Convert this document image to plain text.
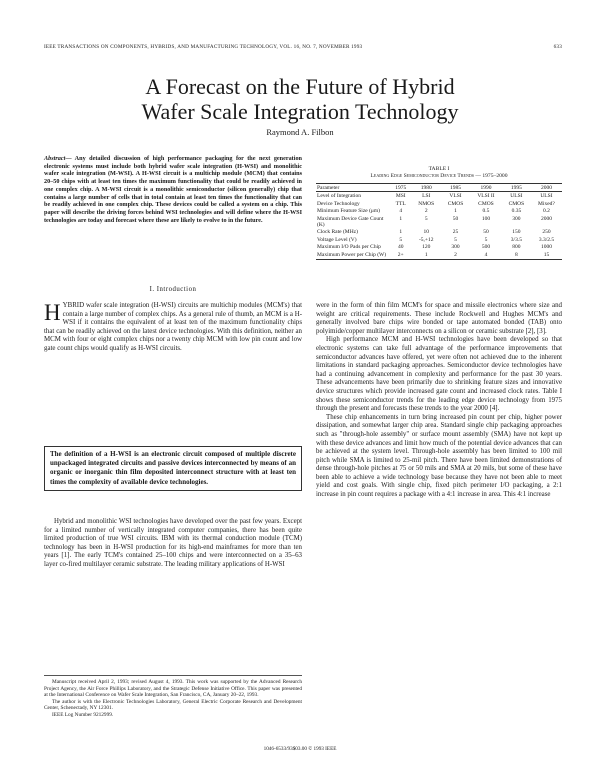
IEEE TRANSACTIONS ON COMPONENTS, HYBRIDS, AND MANUFACTURING TECHNOLOGY, VOL. 16, NO. 7, NOVEMBER 1993	633
A Forecast on the Future of Hybrid
Wafer Scale Integration Technology
Raymond A. Filbon
Abstract— Any detailed discussion of high performance packaging for the next generation electronic systems must include both hybrid wafer scale integration (H-WSI) and monolithic wafer scale integration (M-WSI). A H-WSI circuit is a multichip module (MCM) that contains 20–50 chips with at least ten times the maximum functionality that could be readily achieved in one complex chip. A M-WSI circuit is a monolithic semiconductor (silicon generally) chip that contains a large number of cells that in total contain at least ten times the functionality that can be readily achieved in one complex chip. These devices could be called a system on a chip. This paper will describe the driving forces behind WSI technologies and will define where the H-WSI technologies are today and forecast where these are likely to evolve to in the future.
I. Introduction

HYBRID wafer scale integration (H-WSI) circuits are multichip modules (MCM's) that contain a large number of complex chips. As a general rule of thumb, an MCM is a H-WSI if it contains the equivalent of at least ten of the maximum functionality chips that can be readily achieved on the latest device technologies. With this definition, neither an MCM with four or eight complex chips nor a twenty chip MCM with low pin count and low gate count chips would qualify as H-WSI circuits.

The definition of a H-WSI is an electronic circuit composed of multiple discrete unpackaged integrated circuits and passive devices interconnected by means of an organic or inorganic thin film deposited interconnect structure with at least ten times the complexity of available device technologies.

Hybrid and monolithic WSI technologies have developed over the past few years. Except for a limited number of vertically integrated computer companies, there has been quite limited production of true WSI circuits. IBM with its thermal conduction module (TCM) technology has been in H-WSI production for its high-end mainframes for more than ten years [1]. The early TCM's contained 25–100 chips and were interconnected on a 35–63 layer co-fired multilayer ceramic substrate. The leading military applications of H-WSI

Manuscript received April 2, 1993; revised August 4, 1993. This work was supported by the Advanced Research Project Agency, the Air Force Phillips Laboratory, and the Strategic Defense Initiative Office. This paper was presented at the International Conference on Wafer Scale Integration, San Francisco, CA, January 20–22, 1993.

The author is with the Electronic Technologies Laboratory, General Electric Corporate Research and Development Center, Schenectady, NY 12301.

IEEE Log Number 9212999.

TABLE I
Leading Edge Semiconductor Device Trends — 1975–2000
Parameter	1975	1980	1985	1990	1995	2000
Level of Integration	MSI	LSI	VLSI	VLSI II	ULSI	ULSI
Device Technology	TTL	NMOS	CMOS	CMOS	CMOS	Mixed?
Minimum Feature Size (μm)	4	2	1	0.5	0.35	0.2
Maximum Device Gate Count (K)	1	5	50	100	300	2000
Clock Rate (MHz)	1	10	25	50	150	250
Voltage Level (V)	5	-5,+12	5	5	3/3.5	3.3/2.5
Maximum I/O Pads per Chip	40	120	300	500	800	1000
Maximum Power per Chip (W)	2+	1	2	4	8	15

were in the form of thin film MCM's for space and missile electronics where size and weight are critical requirements. These include Rockwell and Hughes MCM's and generally involved bare chips wire bonded or tape automated bonded (TAB) onto polyimide/copper multilayer interconnects on a silicon or ceramic substrate [2], [3].

High performance MCM and H-WSI technologies have been developed so that electronic systems can take full advantage of the performance improvements that semiconductor advances have offered, yet were often not achieved due to the inherent limitations in standard packaging approaches. Semiconductor device technologies have had a continuing advancement in complexity and performance for the past 30 years. These advancements have been primarily due to shrinking feature sizes and innovative device structures which provide increased gate count and increased clock rates. Table I shows these semiconductor trends for the leading edge device technology from 1975 through the present and forecasts these trends to the year 2000 [4].

These chip enhancements in turn bring increased pin count per chip, higher power dissipation, and somewhat larger chip area. Standard single chip packaging approaches such as "through-hole assembly" or surface mount assembly (SMA) have not kept up with these device advances and limit how much of the potential device advances that can be achieved at the system level. Through-hole assembly has been limited to 100 mil pitch while SMA is limited to 25-mil pitch. There have been limited demonstrations of dense through-hole pitches at 75 or 50 mils and SMA at 20 mils, but some of these have been able to achieve a wide technology base because they have not been able to meet yield and cost goals. With single chip, fixed pitch perimeter I/O packaging, a 2:1 increase in pin count requires a package with a 4:1 increase in area. This 4:1 increase

1046-6533/93$03.00 © 1993 IEEE
